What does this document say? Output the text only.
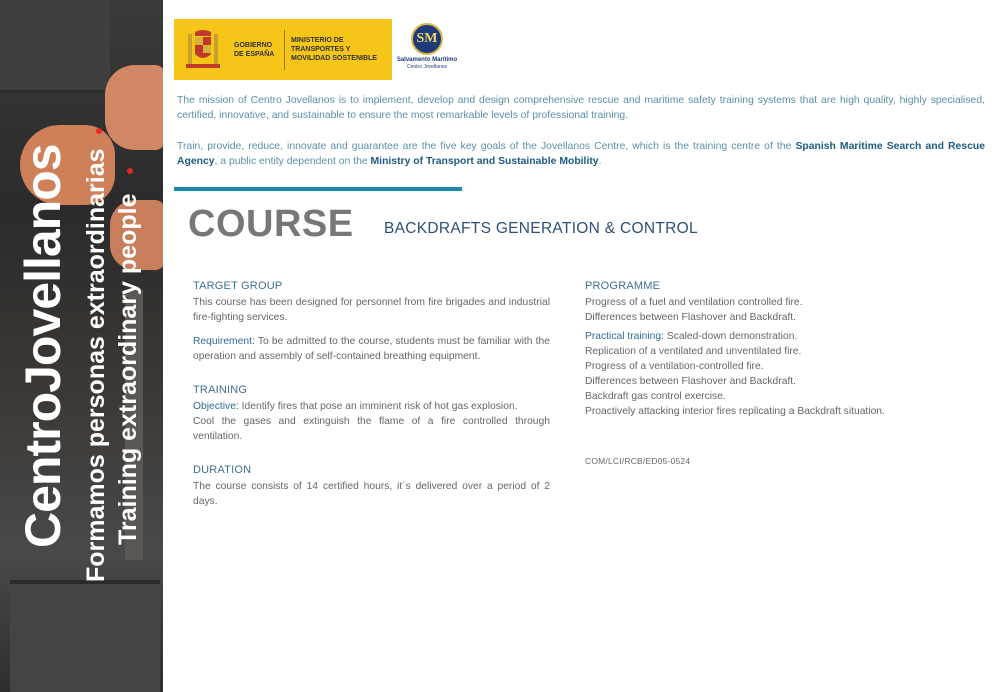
CentroJovellanos Formamos personas extraordinarias Training extraordinary people
GOBIERNO DE ESPAÑA
MINISTERIO DE TRANSPORTES Y MOVILIDAD SOSTENIBLE
SM
Salvamento Marítimo
Centro Jovellanos

The mission of Centro Jovellanos is to implement, develop and design comprehensive rescue and maritime safety training systems that are high quality, highly specialised, certified, innovative, and sustainable to ensure the most remarkable levels of professional training.

Train, provide, reduce, innovate and guarantee are the five key goals of the Jovellanos Centre, which is the training centre of the Spanish Maritime Search and Rescue Agency, a public entity dependent on the Ministry of Transport and Sustainable Mobility.

COURSE BACKDRAFTS GENERATION & CONTROL
TARGET GROUP

This course has been designed for personnel from fire brigades and industrial fire-fighting services.

Requirement: To be admitted to the course, students must be familiar with the operation and assembly of self-contained breathing equipment.

TRAINING

Objective: Identify fires that pose an imminent risk of hot gas explosion.

Cool the gases and extinguish the flame of a fire controlled through ventilation.

DURATION

The course consists of 14 certified hours, it´s delivered over a period of 2 days.

PROGRAMME

Progress of a fuel and ventilation controlled fire.

Differences between Flashover and Backdraft.

Practical training: Scaled-down demonstration.

Replication of a ventilated and unventilated fire.

Progress of a ventilation-controlled fire.

Differences between Flashover and Backdraft.

Backdraft gas control exercise.

Proactively attacking interior fires replicating a Backdraft situation.

COM/LCI/RCB/ED05-0524
